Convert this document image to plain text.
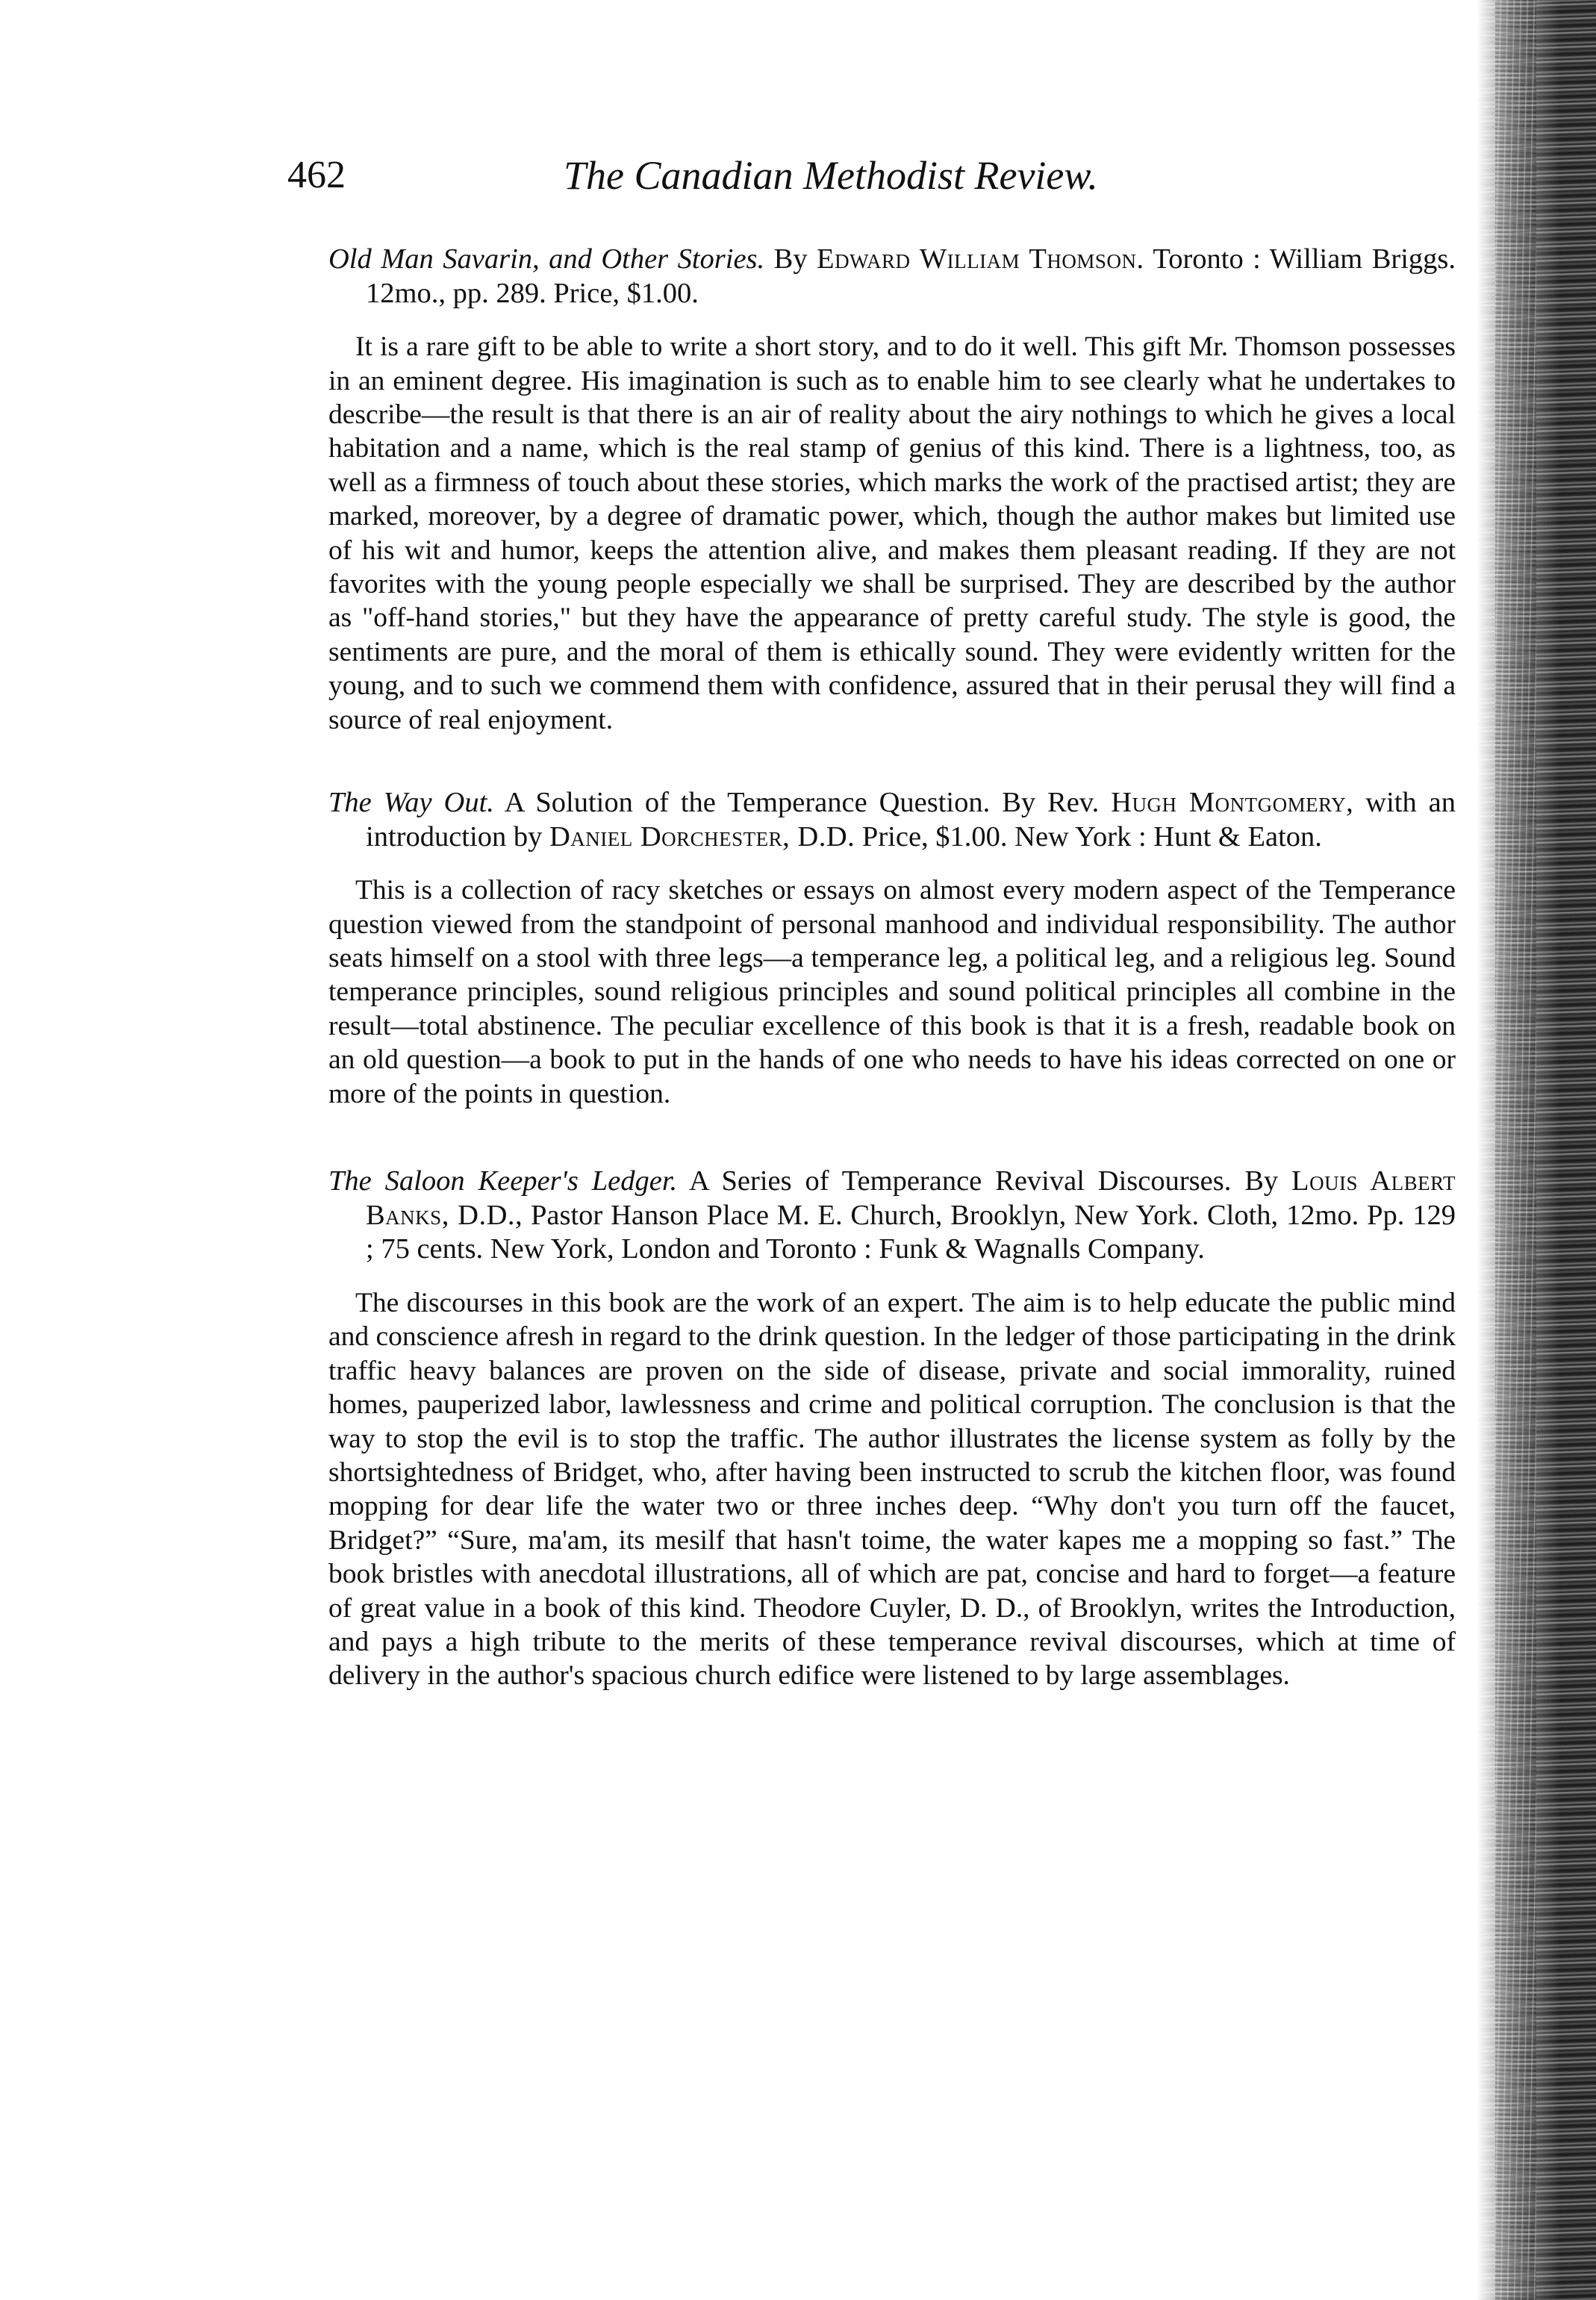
462	The Canadian Methodist Review.

Old Man Savarin, and Other Stories. By Edward William Thomson. Toronto : William Briggs. 12mo., pp. 289. Price, $1.00.

It is a rare gift to be able to write a short story, and to do it well. This gift Mr. Thomson possesses in an eminent degree. His imagination is such as to enable him to see clearly what he undertakes to describe—the result is that there is an air of reality about the airy nothings to which he gives a local habitation and a name, which is the real stamp of genius of this kind. There is a lightness, too, as well as a firmness of touch about these stories, which marks the work of the practised artist; they are marked, moreover, by a degree of dramatic power, which, though the author makes but limited use of his wit and humor, keeps the attention alive, and makes them pleasant reading. If they are not favorites with the young people especially we shall be surprised. They are described by the author as "off-hand stories," but they have the appearance of pretty careful study. The style is good, the sentiments are pure, and the moral of them is ethically sound. They were evidently written for the young, and to such we commend them with confidence, assured that in their perusal they will find a source of real enjoyment.

The Way Out. A Solution of the Temperance Question. By Rev. Hugh Montgomery, with an introduction by Daniel Dorchester, D.D. Price, $1.00. New York : Hunt & Eaton.

This is a collection of racy sketches or essays on almost every modern aspect of the Temperance question viewed from the standpoint of personal manhood and individual responsibility. The author seats himself on a stool with three legs—a temperance leg, a political leg, and a religious leg. Sound temperance principles, sound religious principles and sound political principles all combine in the result—total abstinence. The peculiar excellence of this book is that it is a fresh, readable book on an old question—a book to put in the hands of one who needs to have his ideas corrected on one or more of the points in question.

The Saloon Keeper's Ledger. A Series of Temperance Revival Discourses. By Louis Albert Banks, D.D., Pastor Hanson Place M. E. Church, Brooklyn, New York. Cloth, 12mo. Pp. 129 ; 75 cents. New York, London and Toronto : Funk & Wagnalls Company.

The discourses in this book are the work of an expert. The aim is to help educate the public mind and conscience afresh in regard to the drink question. In the ledger of those participating in the drink traffic heavy balances are proven on the side of disease, private and social immorality, ruined homes, pauperized labor, lawlessness and crime and political corruption. The conclusion is that the way to stop the evil is to stop the traffic. The author illustrates the license system as folly by the shortsightedness of Bridget, who, after having been instructed to scrub the kitchen floor, was found mopping for dear life the water two or three inches deep. “Why don't you turn off the faucet, Bridget?” “Sure, ma'am, its mesilf that hasn't toime, the water kapes me a mopping so fast.” The book bristles with anecdotal illustrations, all of which are pat, concise and hard to forget—a feature of great value in a book of this kind. Theodore Cuyler, D. D., of Brooklyn, writes the Introduction, and pays a high tribute to the merits of these temperance revival discourses, which at time of delivery in the author's spacious church edifice were listened to by large assemblages.
